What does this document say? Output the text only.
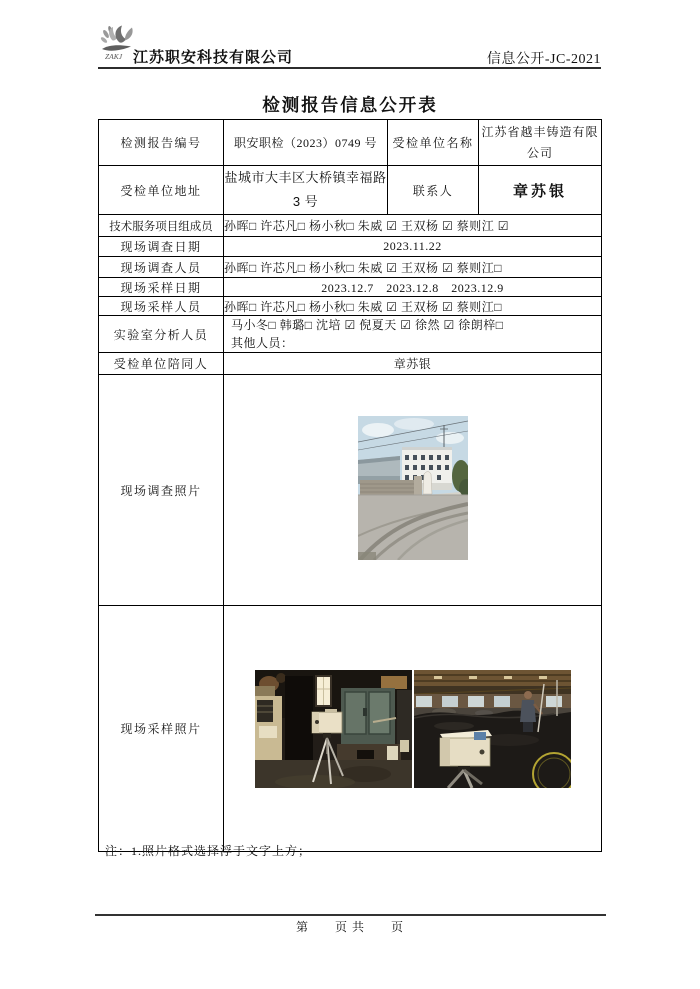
ZAKJ 江苏职安科技有限公司	信息公开-JC-2021
检测报告信息公开表
检测报告编号	职安职检（2023）0749 号	受检单位名称	江苏省越丰铸造有限公司
受检单位地址	盐城市大丰区大桥镇幸福路 3 号	联系人	章苏银
技术服务项目组成员	孙晖□ 许芯凡□ 杨小秋□ 朱威 ☑ 王双杨 ☑ 蔡则江 ☑		
现场调查日期	2023.11.22		
现场调查人员	孙晖□ 许芯凡□ 杨小秋□ 朱威 ☑ 王双杨 ☑ 蔡则江□		
现场采样日期	2023.12.7　2023.12.8　2023.12.9		
现场采样人员	孙晖□ 许芯凡□ 杨小秋□ 朱威 ☑ 王双杨 ☑ 蔡则江□		
实验室分析人员	马小冬□ 韩璐□ 沈培 ☑ 倪夏天 ☑ 徐然 ☑ 徐朗梓□
其他人员：		

受检单位陪同人	章苏银		
现场调查照片	
现场采样照片	
注：1.照片格式选择浮于文字上方；
第　　页 共　　页
